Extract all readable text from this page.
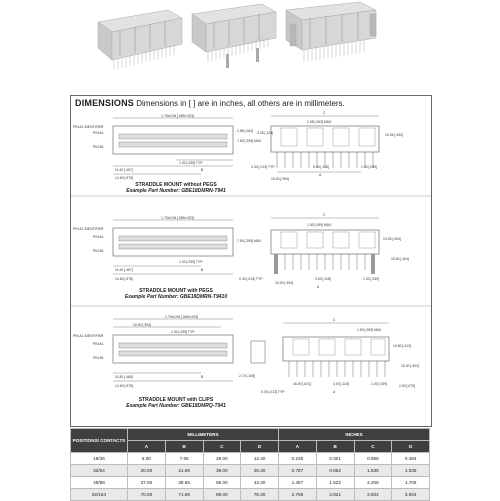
DIMENSIONS Dimensions in [ ] are in inches, all others are in millimeters.
PIN A1 IDENTIFIER
PIN A1
PIN B1
1.75±0.08 [.069±.003]
11.60 [.457]
14.60 [.575]
1.00 [.039] TYP.
B
1.58 [.062]
7.60 [.299] MAX.
C
1.58 [.062] MAX.
3.25 [.128]	10.25 [.404]
0.34 [.013] TYP.
10.00 [.394]
5.00 [.118]
A
1.00 [.039]
STRADDLE MOUNT without PEGS
Example Part Number: GBE18DMRN-T941
PIN A1 IDENTIFIER
PIN A1
PIN B1
1.75±0.08 [.069±.003]
11.60 [.457]
14.60 [.575]
1.00 [.039] TYP.
B
7.50 [.295] MAX.
C
1.50 [.059] MAX.
10.25 [.404]
10.60 [.404]
0.34 [.013] TYP.
10.00 [.394]
3.00 [.118]
A
1.00 [.039]
STRADDLE MOUNT with PEGS
Example Part Number: GBE18DMRN-T9410
PIN A1 IDENTIFIER
PIN A1
PIN B1
1.75±0.08 [.069±.003]
10.00 [.394]
1.00 [.039] TYP.
11.80 [.465]
14.60 [.575]
B	2.74 [.108]
C
1.50 [.059] MAX.
10.50 [.413]
15.30 [.602]
16.00 [.631]
0.34 [.013] TYP.
3.00 [.118]
A
1.00 [.039]	2.00 [.079]
STRADDLE MOUNT with CLIPS
Example Part Number: GBE18DMRQ-T941
POSITIONS/ CONTACTS	MILLIMETERS				INCHES			
	A	B	C	D	A	B	C	D
18/36	6.00	7.65	29.00	12.30	0.236	0.301	0.966	0.484
32/64	20.00	21.65	39.00	26.30	0.787	0.852	1.535	1.035
49/98	37.00	38.65	56.00	43.30	1.457	1.522	2.205	1.705
82/164	70.00	71.65	89.00	76.30	2.756	2.821	3.504	3.004
